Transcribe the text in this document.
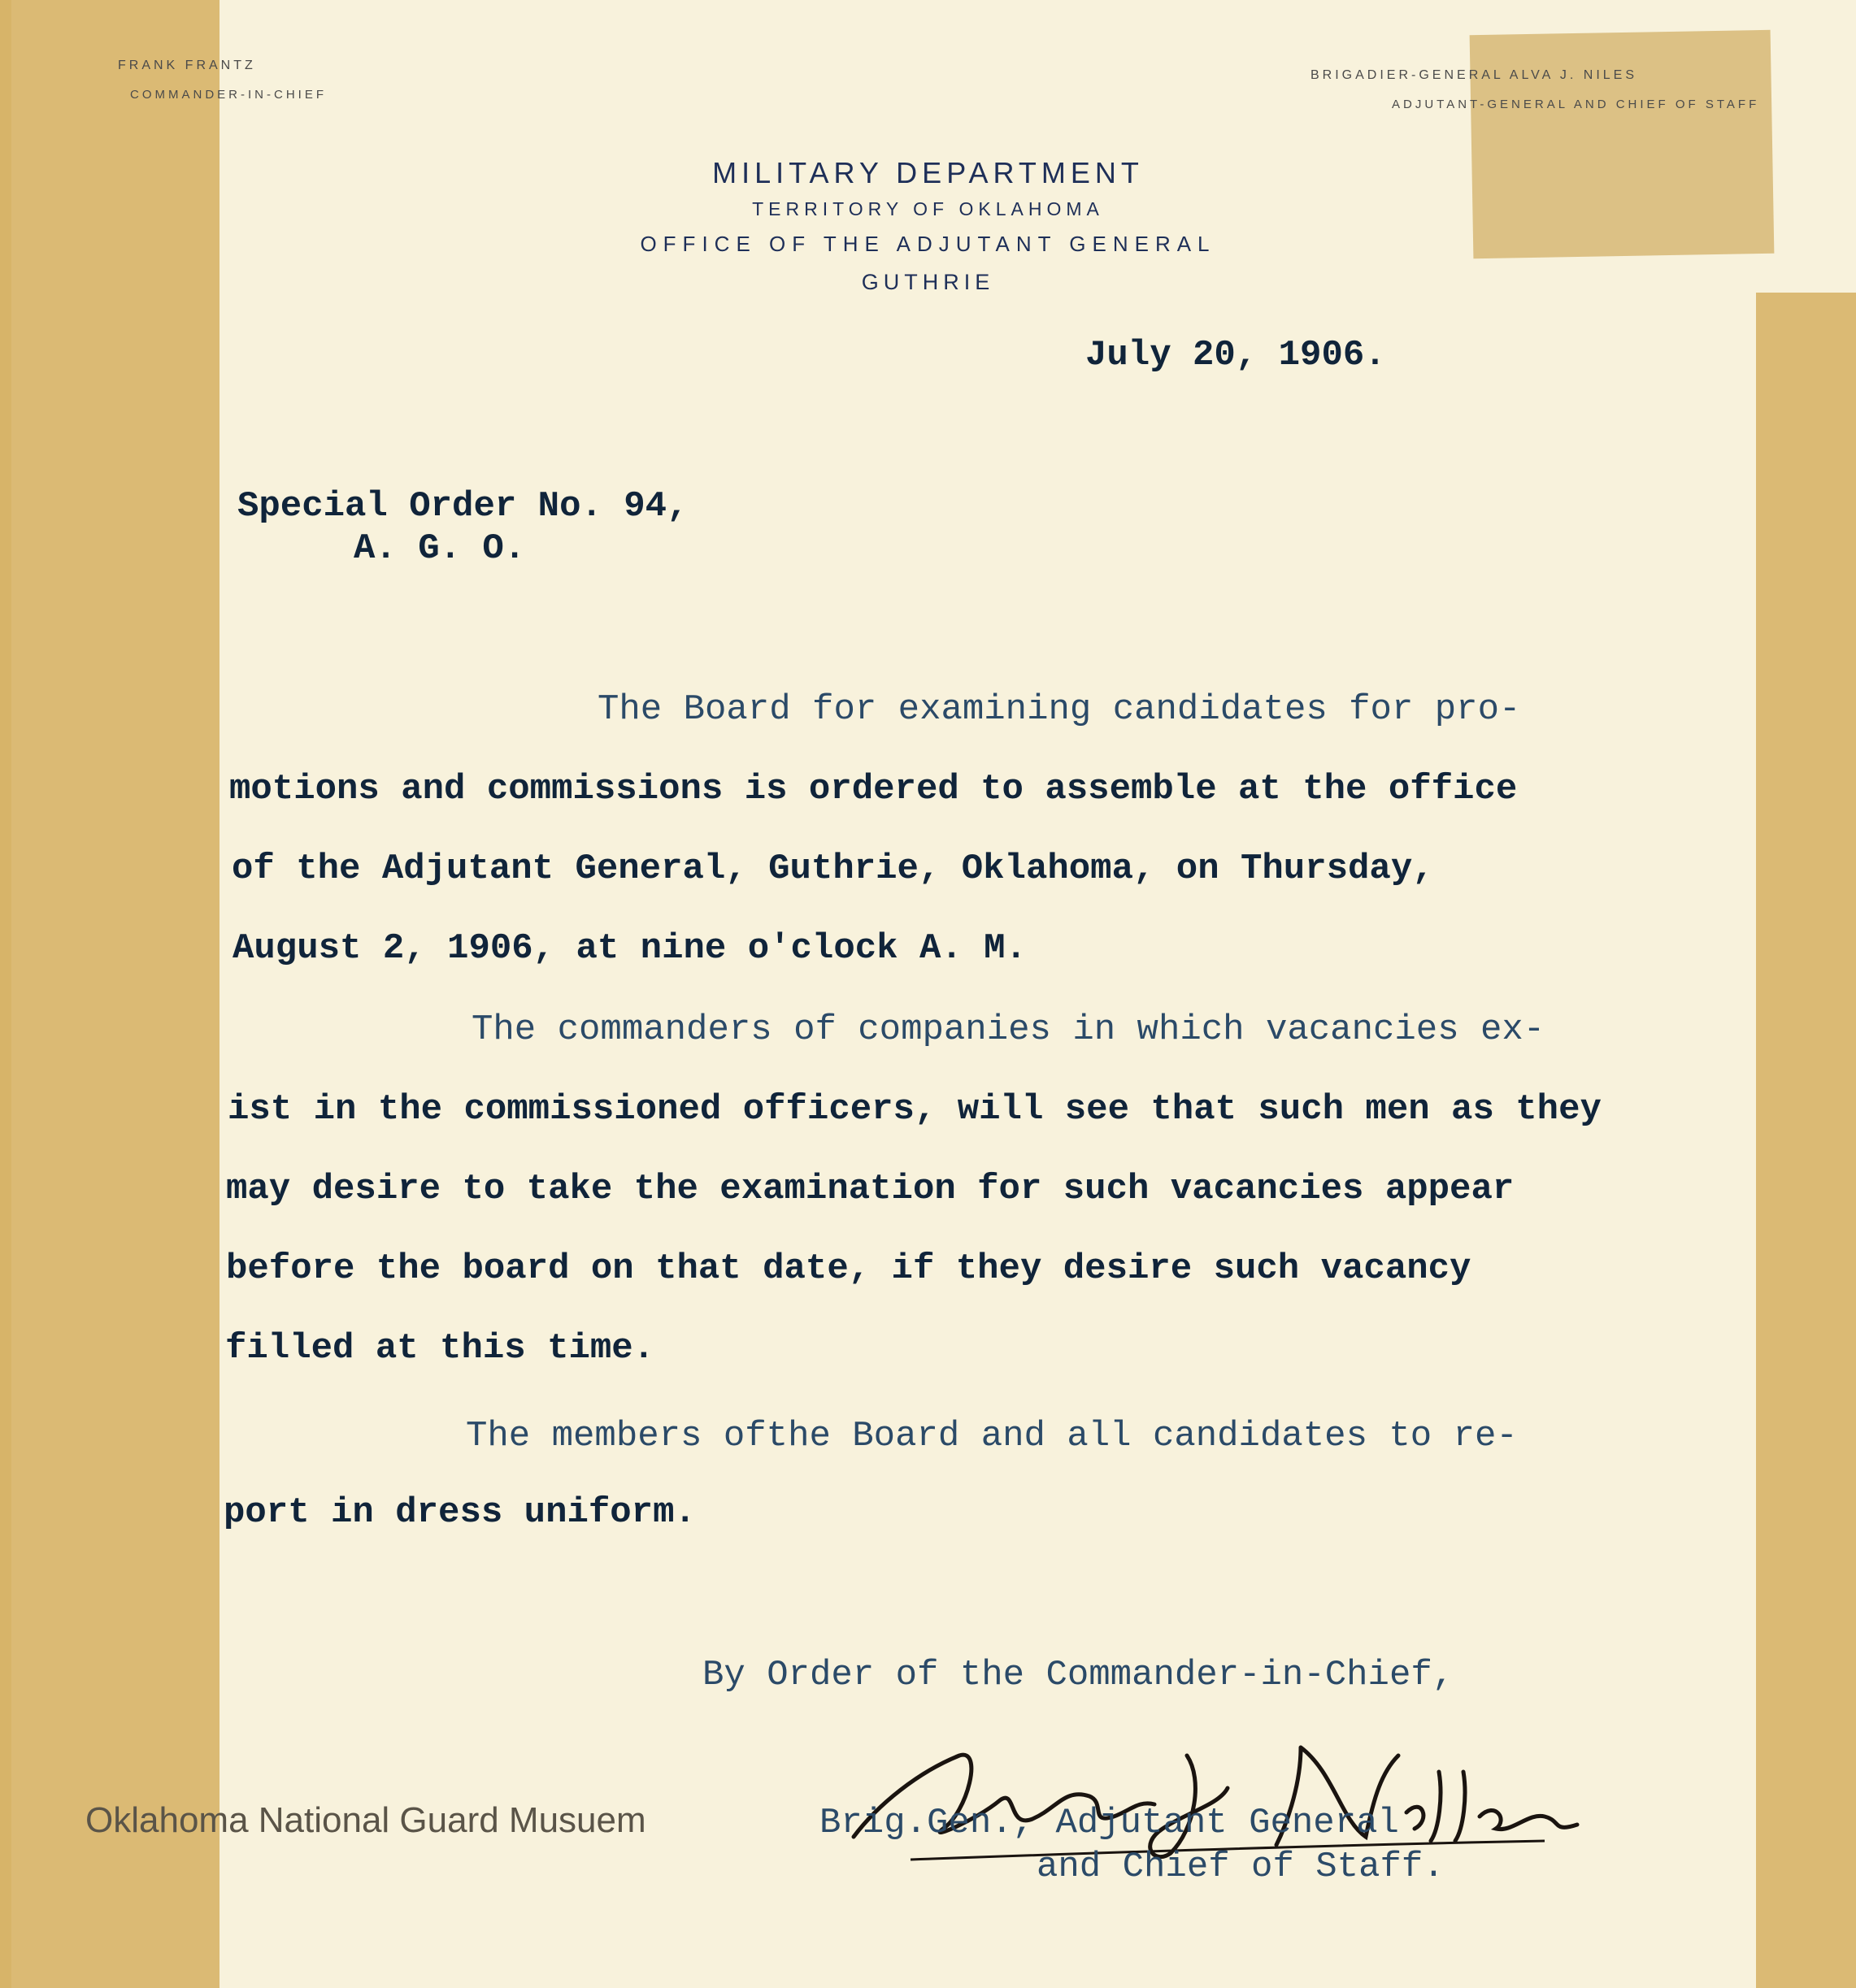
FRANK FRANTZ
COMMANDER-IN-CHIEF
BRIGADIER-GENERAL ALVA J. NILES
ADJUTANT-GENERAL AND CHIEF OF STAFF
MILITARY DEPARTMENT
TERRITORY OF OKLAHOMA
OFFICE OF THE ADJUTANT GENERAL
GUTHRIE
July 20, 1906.
Special Order No. 94,
A. G. O.
The Board for examining candidates for pro-
motions and commissions is ordered to assemble at the office
of the Adjutant General, Guthrie, Oklahoma, on Thursday,
August 2, 1906, at nine o'clock A. M.
The commanders of companies in which vacancies ex-
ist in the commissioned officers, will see that such men as they
may desire to take the examination for such vacancies appear
before the board on that date, if they desire such vacancy
filled at this time.
The members ofthe Board and all candidates to re-
port in dress uniform.
By Order of the Commander-in-Chief,
Brig.Gen., Adjutant General
and Chief of Staff.
Oklahoma National Guard Musuem
